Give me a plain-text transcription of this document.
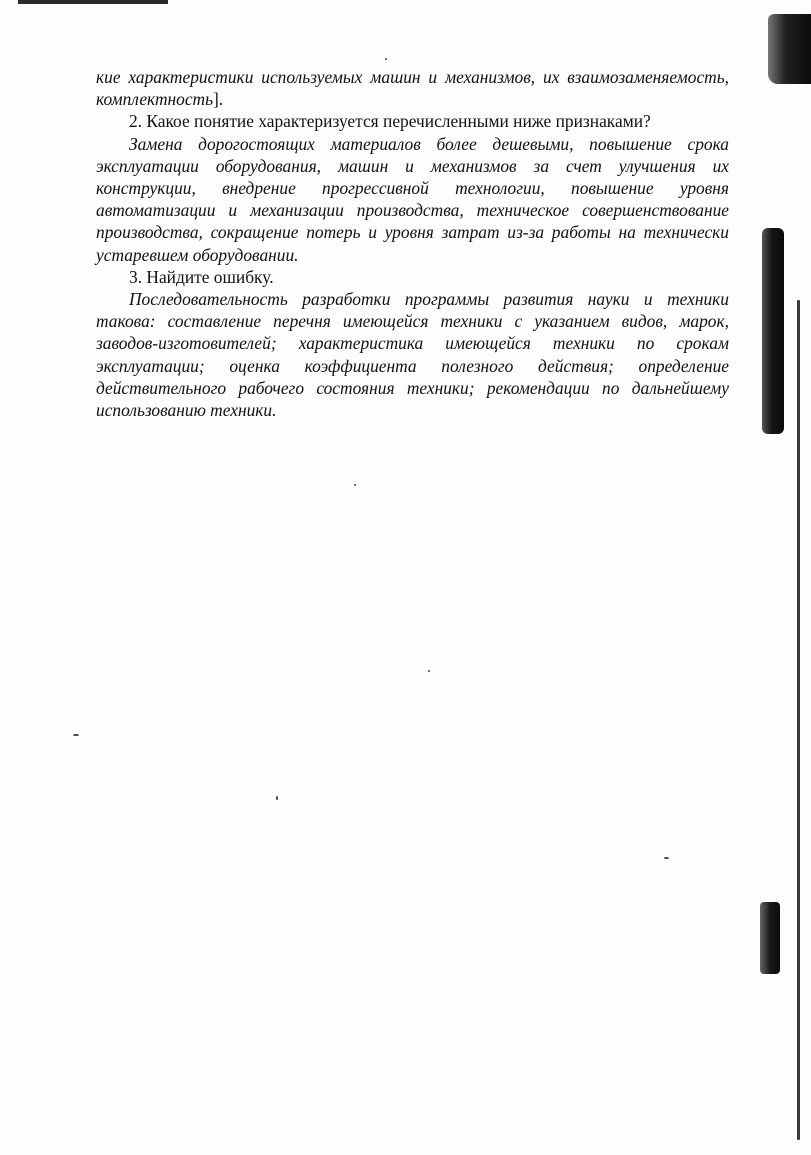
кие характеристики используемых машин и механизмов, их взаимозаменяемость, комплектность].

2. Какое понятие характеризуется перечисленными ниже признаками?

Замена дорогостоящих материалов более дешевыми, повышение срока эксплуатации оборудования, машин и механизмов за счет улучшения их конструкции, внедрение прогрессивной технологии, повышение уровня автоматизации и механизации производства, техническое совершенствование производства, сокращение потерь и уровня затрат из-за работы на технически устаревшем оборудовании.

3. Найдите ошибку.

Последовательность разработки программы развития науки и техники такова: составление перечня имеющейся техники с указанием видов, марок, заводов-изготовителей; характеристика имеющейся техники по срокам эксплуатации; оценка коэффициента полезного действия; определение действительного рабочего состояния техники; рекомендации по дальнейшему использованию техники.
